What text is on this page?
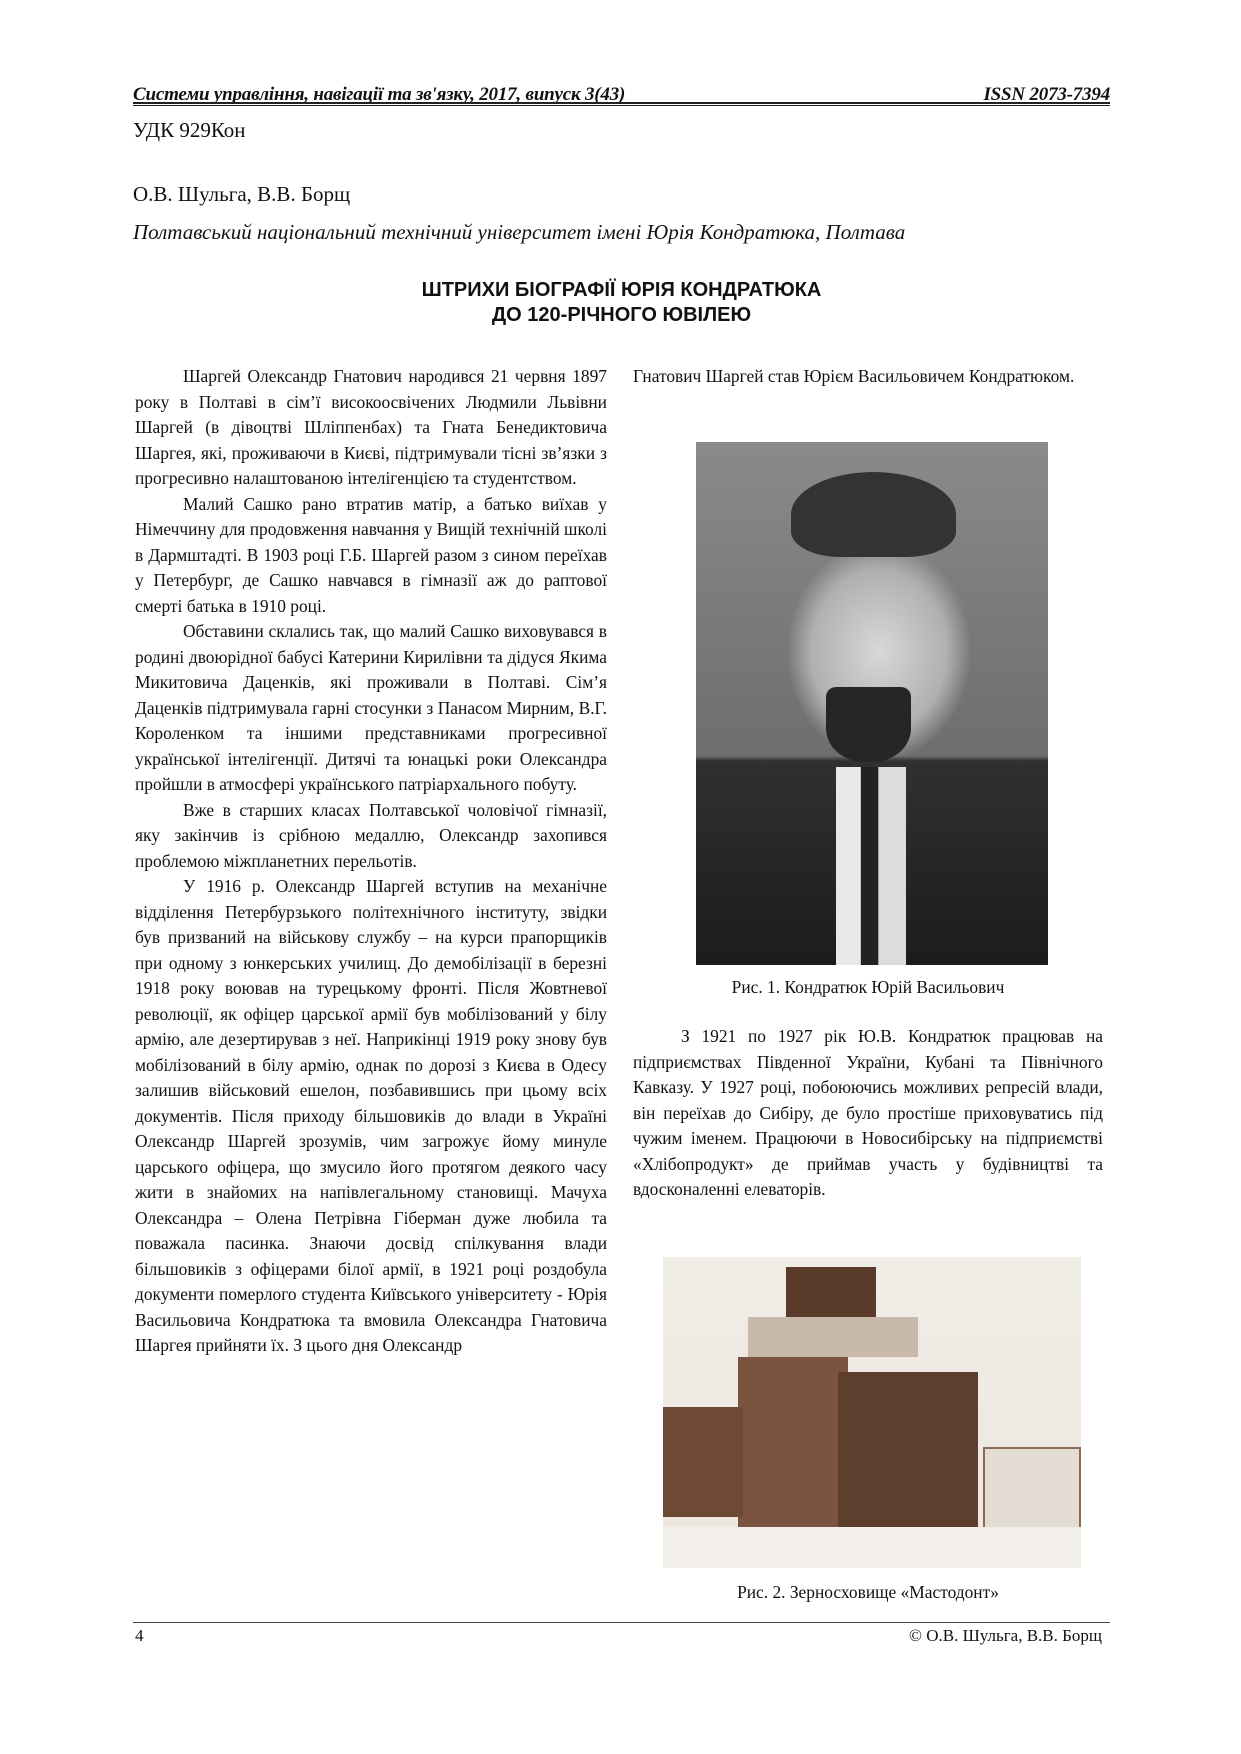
Системи управління, навігації та зв'язку, 2017, випуск 3(43)	ISSN 2073-7394
УДК 929Кон
О.В. Шульга, В.В. Борщ
Полтавський національний технічний університет імені Юрія Кондратюка, Полтава
ШТРИХИ БІОГРАФІЇ ЮРІЯ КОНДРАТЮКА
ДО 120-РІЧНОГО ЮВІЛЕЮ

Шаргей Олександр Гнатович народився 21 червня 1897 року в Полтаві в сім’ї високоосвічених Людмили Львівни Шаргей (в дівоцтві Шліппенбах) та Гната Бенедиктовича Шаргея, які, проживаючи в Києві, підтримували тісні зв’язки з прогресивно налаштованою інтелігенцією та студентством.

Малий Сашко рано втратив матір, а батько виїхав у Німеччину для продовження навчання у Вищій технічній школі в Дармштадті. В 1903 році Г.Б. Шаргей разом з сином переїхав у Петербург, де Сашко навчався в гімназії аж до раптової смерті батька в 1910 році.

Обставини склались так, що малий Сашко виховувався в родині двоюрідної бабусі Катерини Кирилівни та дідуся Якима Микитовича Даценків, які проживали в Полтаві. Сім’я Даценків підтримувала гарні стосунки з Панасом Мирним, В.Г. Короленком та іншими представниками прогресивної української інтелігенції. Дитячі та юнацькі роки Олександра пройшли в атмосфері українського патріархального побуту.

Вже в старших класах Полтавської чоловічої гімназії, яку закінчив із срібною медаллю, Олександр захопився проблемою міжпланетних перельотів.

У 1916 р. Олександр Шаргей вступив на механічне відділення Петербурзького політехнічного інституту, звідки був призваний на військову службу – на курси прапорщиків при одному з юнкерських училищ. До демобілізації в березні 1918 року воював на турецькому фронті. Після Жовтневої революції, як офіцер царської армії був мобілізований у білу армію, але дезертирував з неї. Наприкінці 1919 року знову був мобілізований в білу армію, однак по дорозі з Києва в Одесу залишив військовий ешелон, позбавившись при цьому всіх документів. Після приходу більшовиків до влади в Україні Олександр Шаргей зрозумів, чим загрожує йому минуле царського офіцера, що змусило його протягом деякого часу жити в знайомих на напівлегальному становищі. Мачуха Олександра – Олена Петрівна Гіберман дуже любила та поважала пасинка. Знаючи досвід спілкування влади більшовиків з офіцерами білої армії, в 1921 році роздобула документи померлого студента Київського університету - Юрія Васильовича Кондратюка та вмовила Олександра Гнатовича Шаргея прийняти їх. З цього дня Олександр

Гнатович Шаргей став Юрієм Васильовичем Кондратюком.

Рис. 1. Кондратюк Юрій Васильович

З 1921 по 1927 рік Ю.В. Кондратюк працював на підприємствах Південної України, Кубані та Північного Кавказу. У 1927 році, побоюючись можливих репресій влади, він переїхав до Сибіру, де було простіше приховуватись під чужим іменем. Працюючи в Новосибірську на підприємстві «Хлібопродукт» де приймав участь у будівництві та вдосконаленні елеваторів.

Рис. 2. Зерносховище «Мастодонт»
4	© О.В. Шульга, В.В. Борщ
